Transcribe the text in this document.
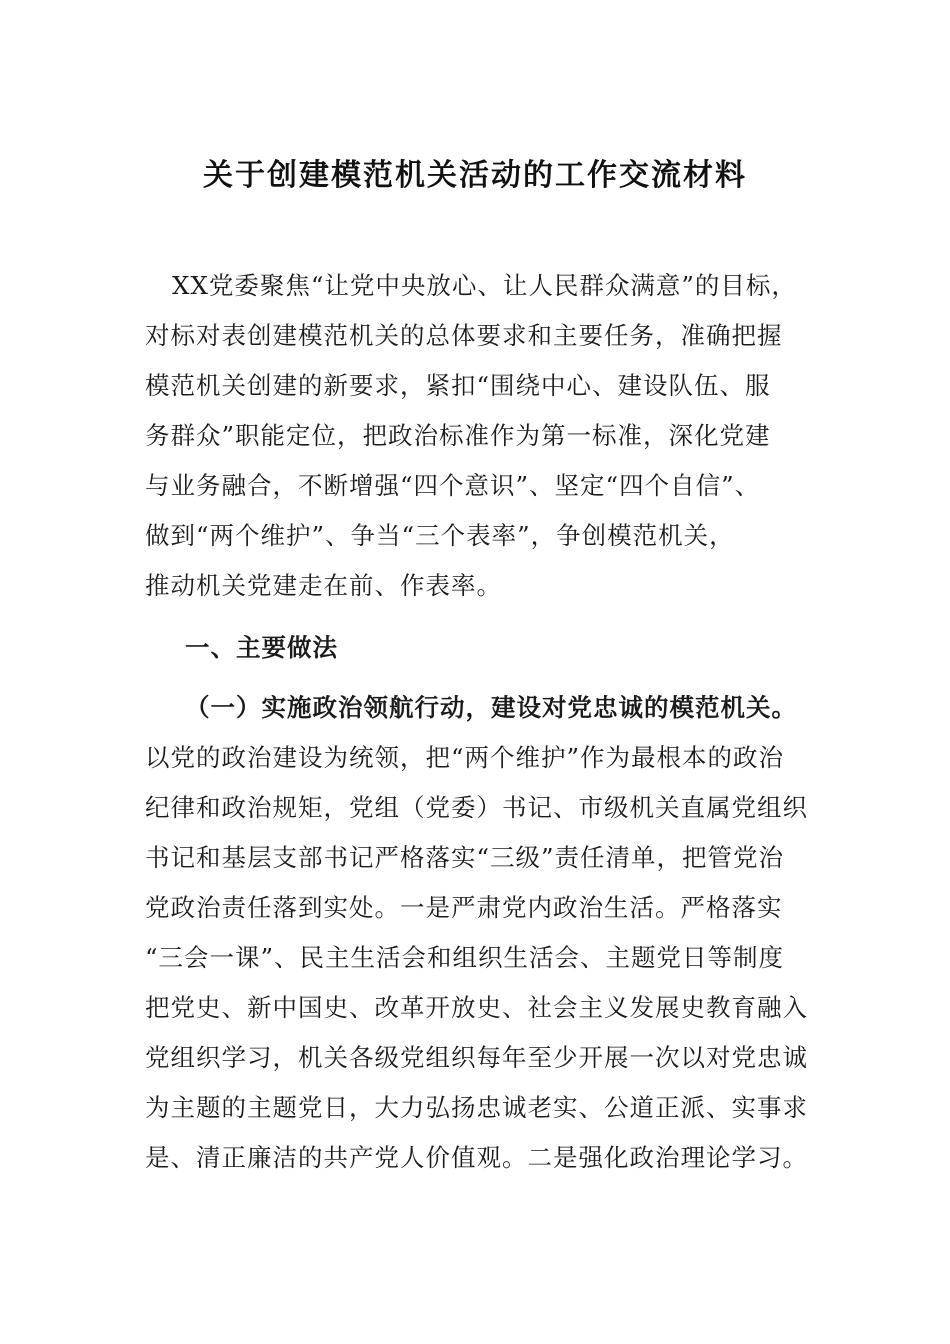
关于创建模范机关活动的工作交流材料

XX党委聚焦“让党中央放心、让人民群众满意”的目标，

对标对表创建模范机关的总体要求和主要任务，准确把握

模范机关创建的新要求，紧扣“围绕中心、建设队伍、服

务群众”职能定位，把政治标准作为第一标准，深化党建

与业务融合，不断增强“四个意识”、坚定“四个自信”、

做到“两个维护”、争当“三个表率”，争创模范机关，

推动机关党建走在前、作表率。

一、主要做法

（一）实施政治领航行动，建设对党忠诚的模范机关。

以党的政治建设为统领，把“两个维护”作为最根本的政治

纪律和政治规矩，党组（党委）书记、市级机关直属党组织

书记和基层支部书记严格落实“三级”责任清单，把管党治

党政治责任落到实处。一是严肃党内政治生活。严格落实

“三会一课”、民主生活会和组织生活会、主题党日等制度

把党史、新中国史、改革开放史、社会主义发展史教育融入

党组织学习，机关各级党组织每年至少开展一次以对党忠诚

为主题的主题党日，大力弘扬忠诚老实、公道正派、实事求

是、清正廉洁的共产党人价值观。二是强化政治理论学习。
